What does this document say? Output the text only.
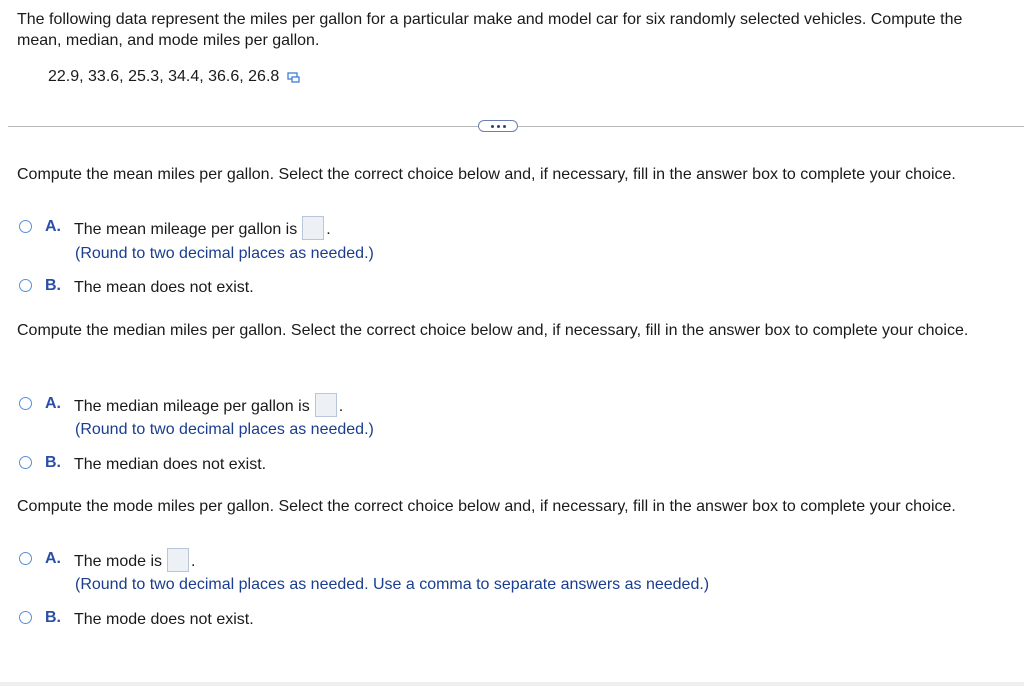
The following data represent the miles per gallon for a particular make and model car for six randomly selected vehicles. Compute the mean, median, and mode miles per gallon.
22.9, 33.6, 25.3, 34.4, 36.6, 26.8
Compute the mean miles per gallon. Select the correct choice below and, if necessary, fill in the answer box to complete your choice.
A. The mean mileage per gallon is .
(Round to two decimal places as needed.)
B. The mean does not exist.
Compute the median miles per gallon. Select the correct choice below and, if necessary, fill in the answer box to complete your choice.
A. The median mileage per gallon is .
(Round to two decimal places as needed.)
B. The median does not exist.
Compute the mode miles per gallon. Select the correct choice below and, if necessary, fill in the answer box to complete your choice.
A. The mode is .
(Round to two decimal places as needed. Use a comma to separate answers as needed.)
B. The mode does not exist.
